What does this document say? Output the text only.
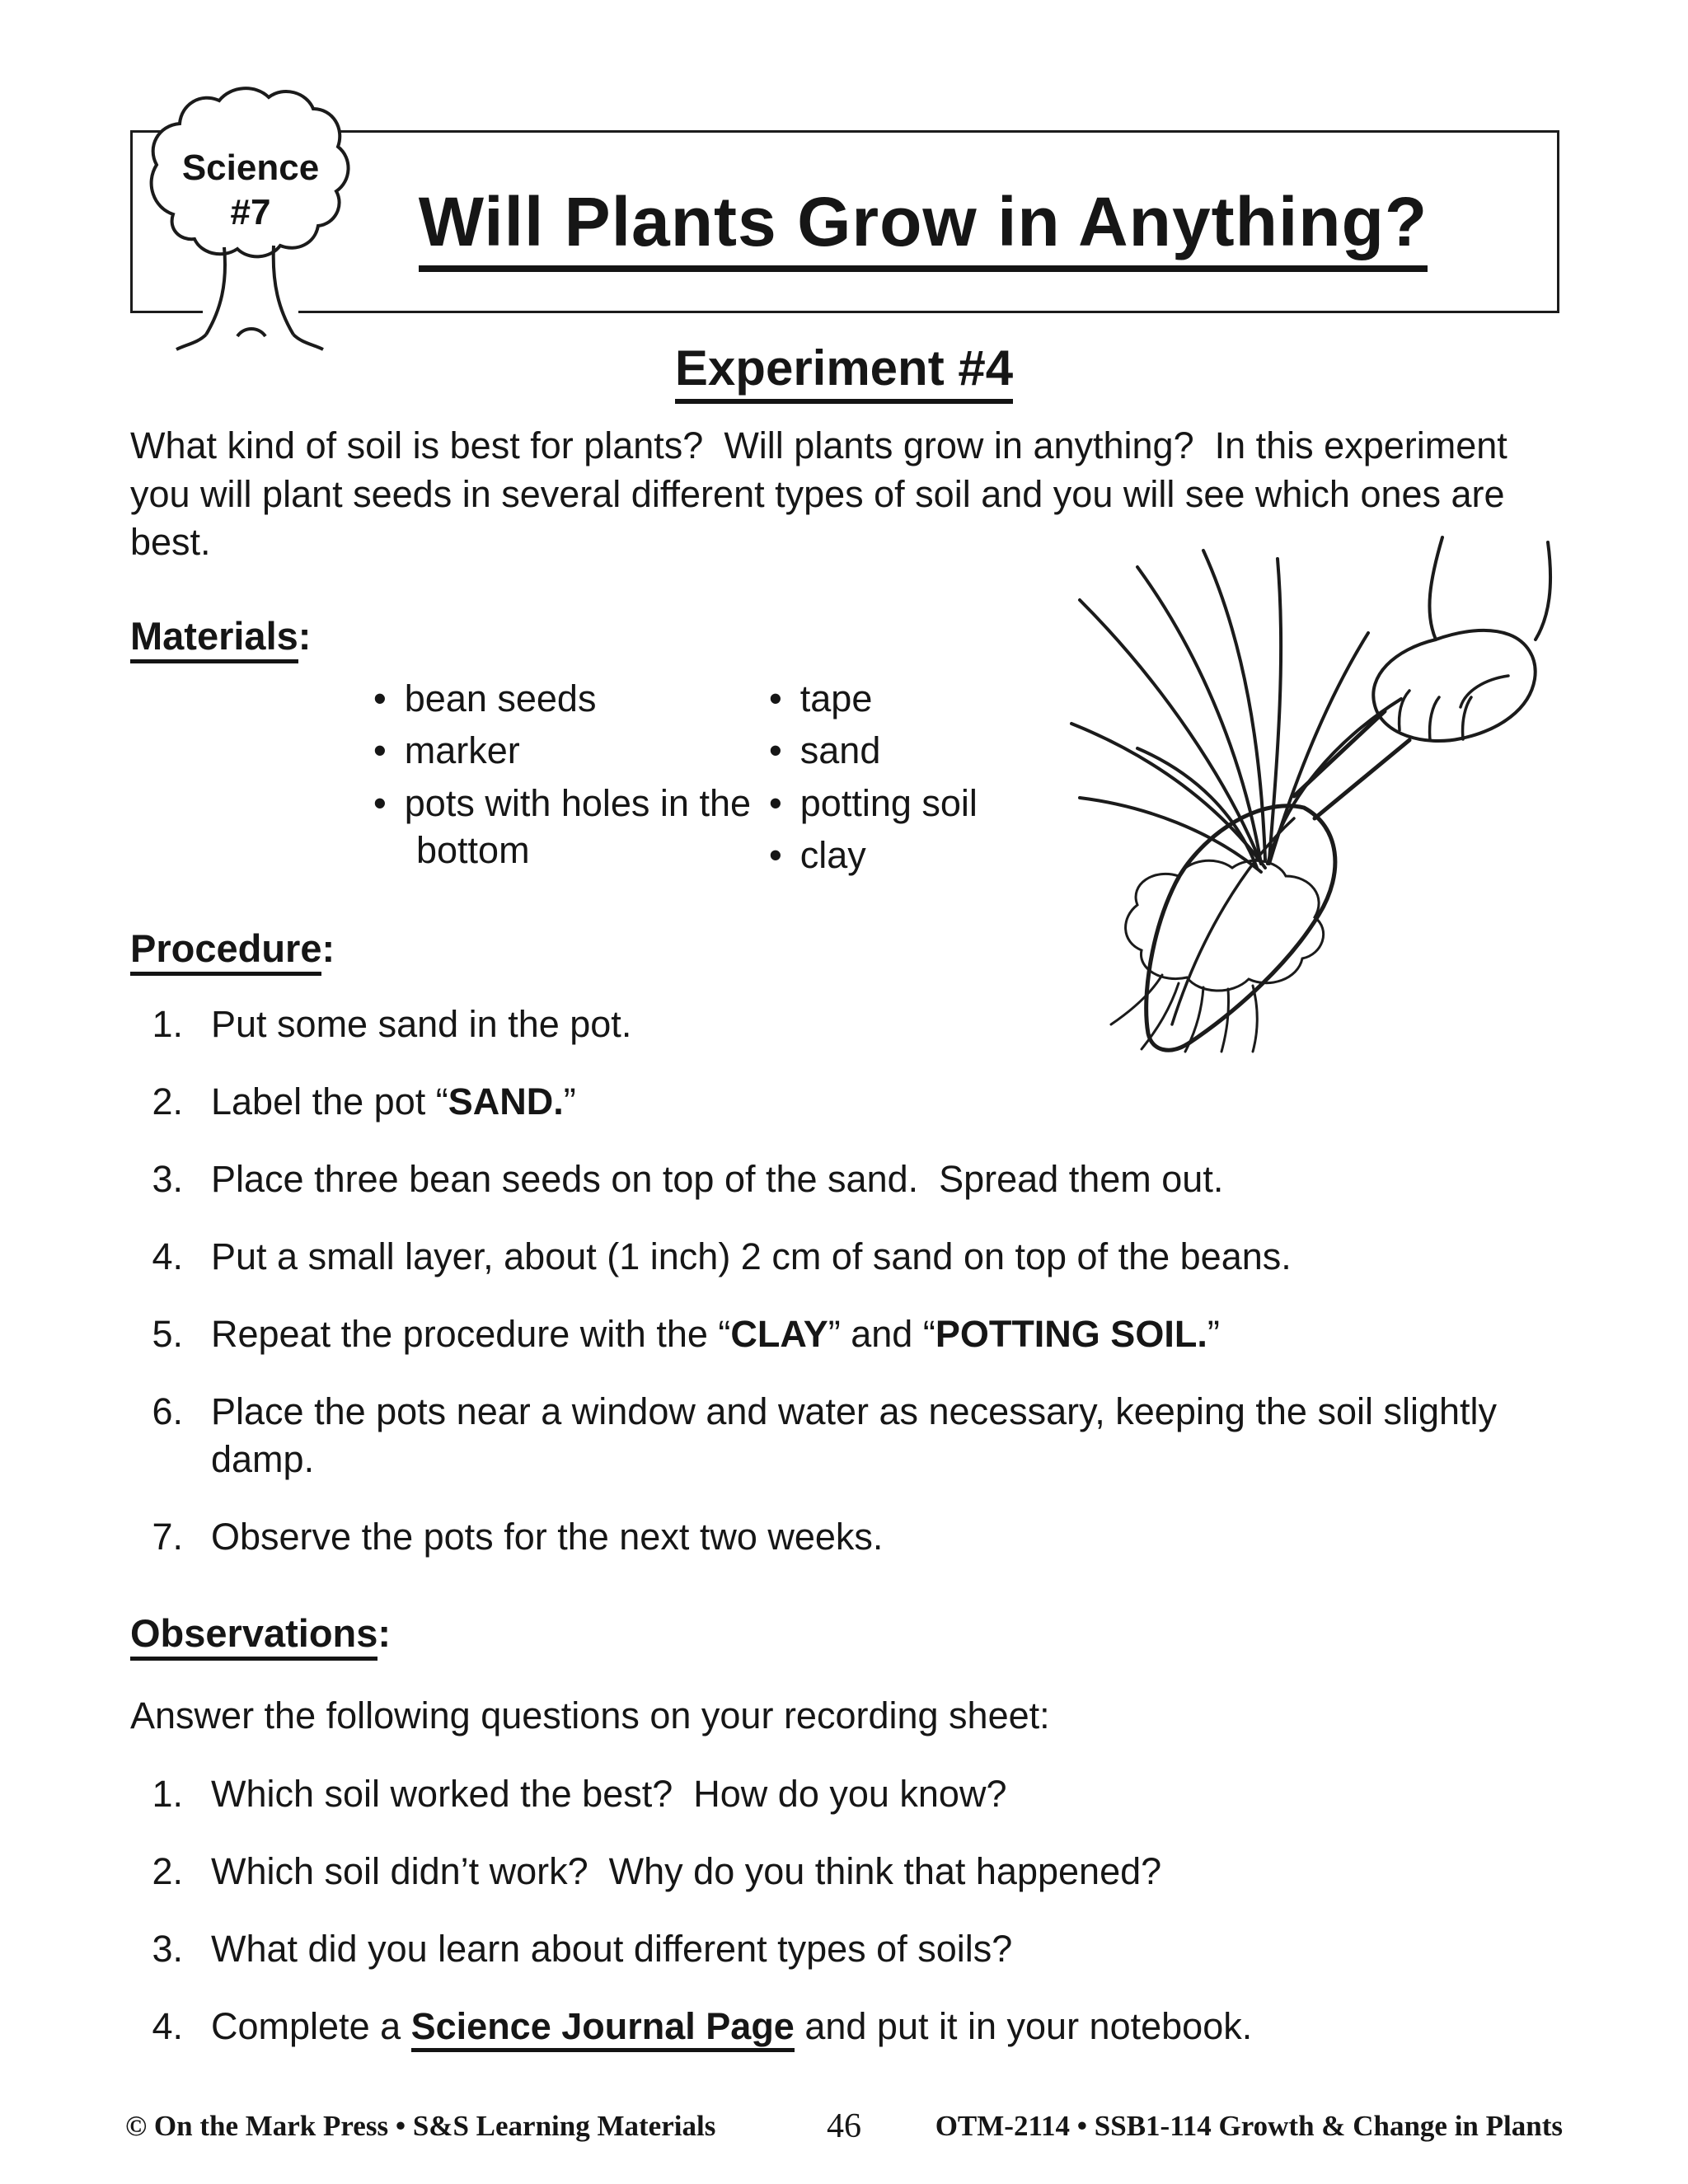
Will Plants Grow in Anything?
Science
#7
Experiment #4

What kind of soil is best for plants?  Will plants grow in anything?  In this experiment you will plant seeds in several different types of soil and you will see which ones are best.

Materials:
• bean seeds
• marker
• pots with holes in the bottom
• tape
• sand
• potting soil
• clay
Procedure:
1. Put some sand in the pot.
2. Label the pot “SAND.”
3. Place three bean seeds on top of the sand.  Spread them out.
4. Put a small layer, about (1 inch) 2 cm of sand on top of the beans.
5. Repeat the procedure with the “CLAY” and “POTTING SOIL.”
6. Place the pots near a window and water as necessary, keeping the soil slightly damp.
7. Observe the pots for the next two weeks.
Observations:

Answer the following questions on your recording sheet:

1. Which soil worked the best?  How do you know?
2. Which soil didn’t work?  Why do you think that happened?
3. What did you learn about different types of soils?
4. Complete a Science Journal Page and put it in your notebook.
© On the Mark Press • S&S Learning Materials	46	OTM-2114 • SSB1-114 Growth & Change in Plants
